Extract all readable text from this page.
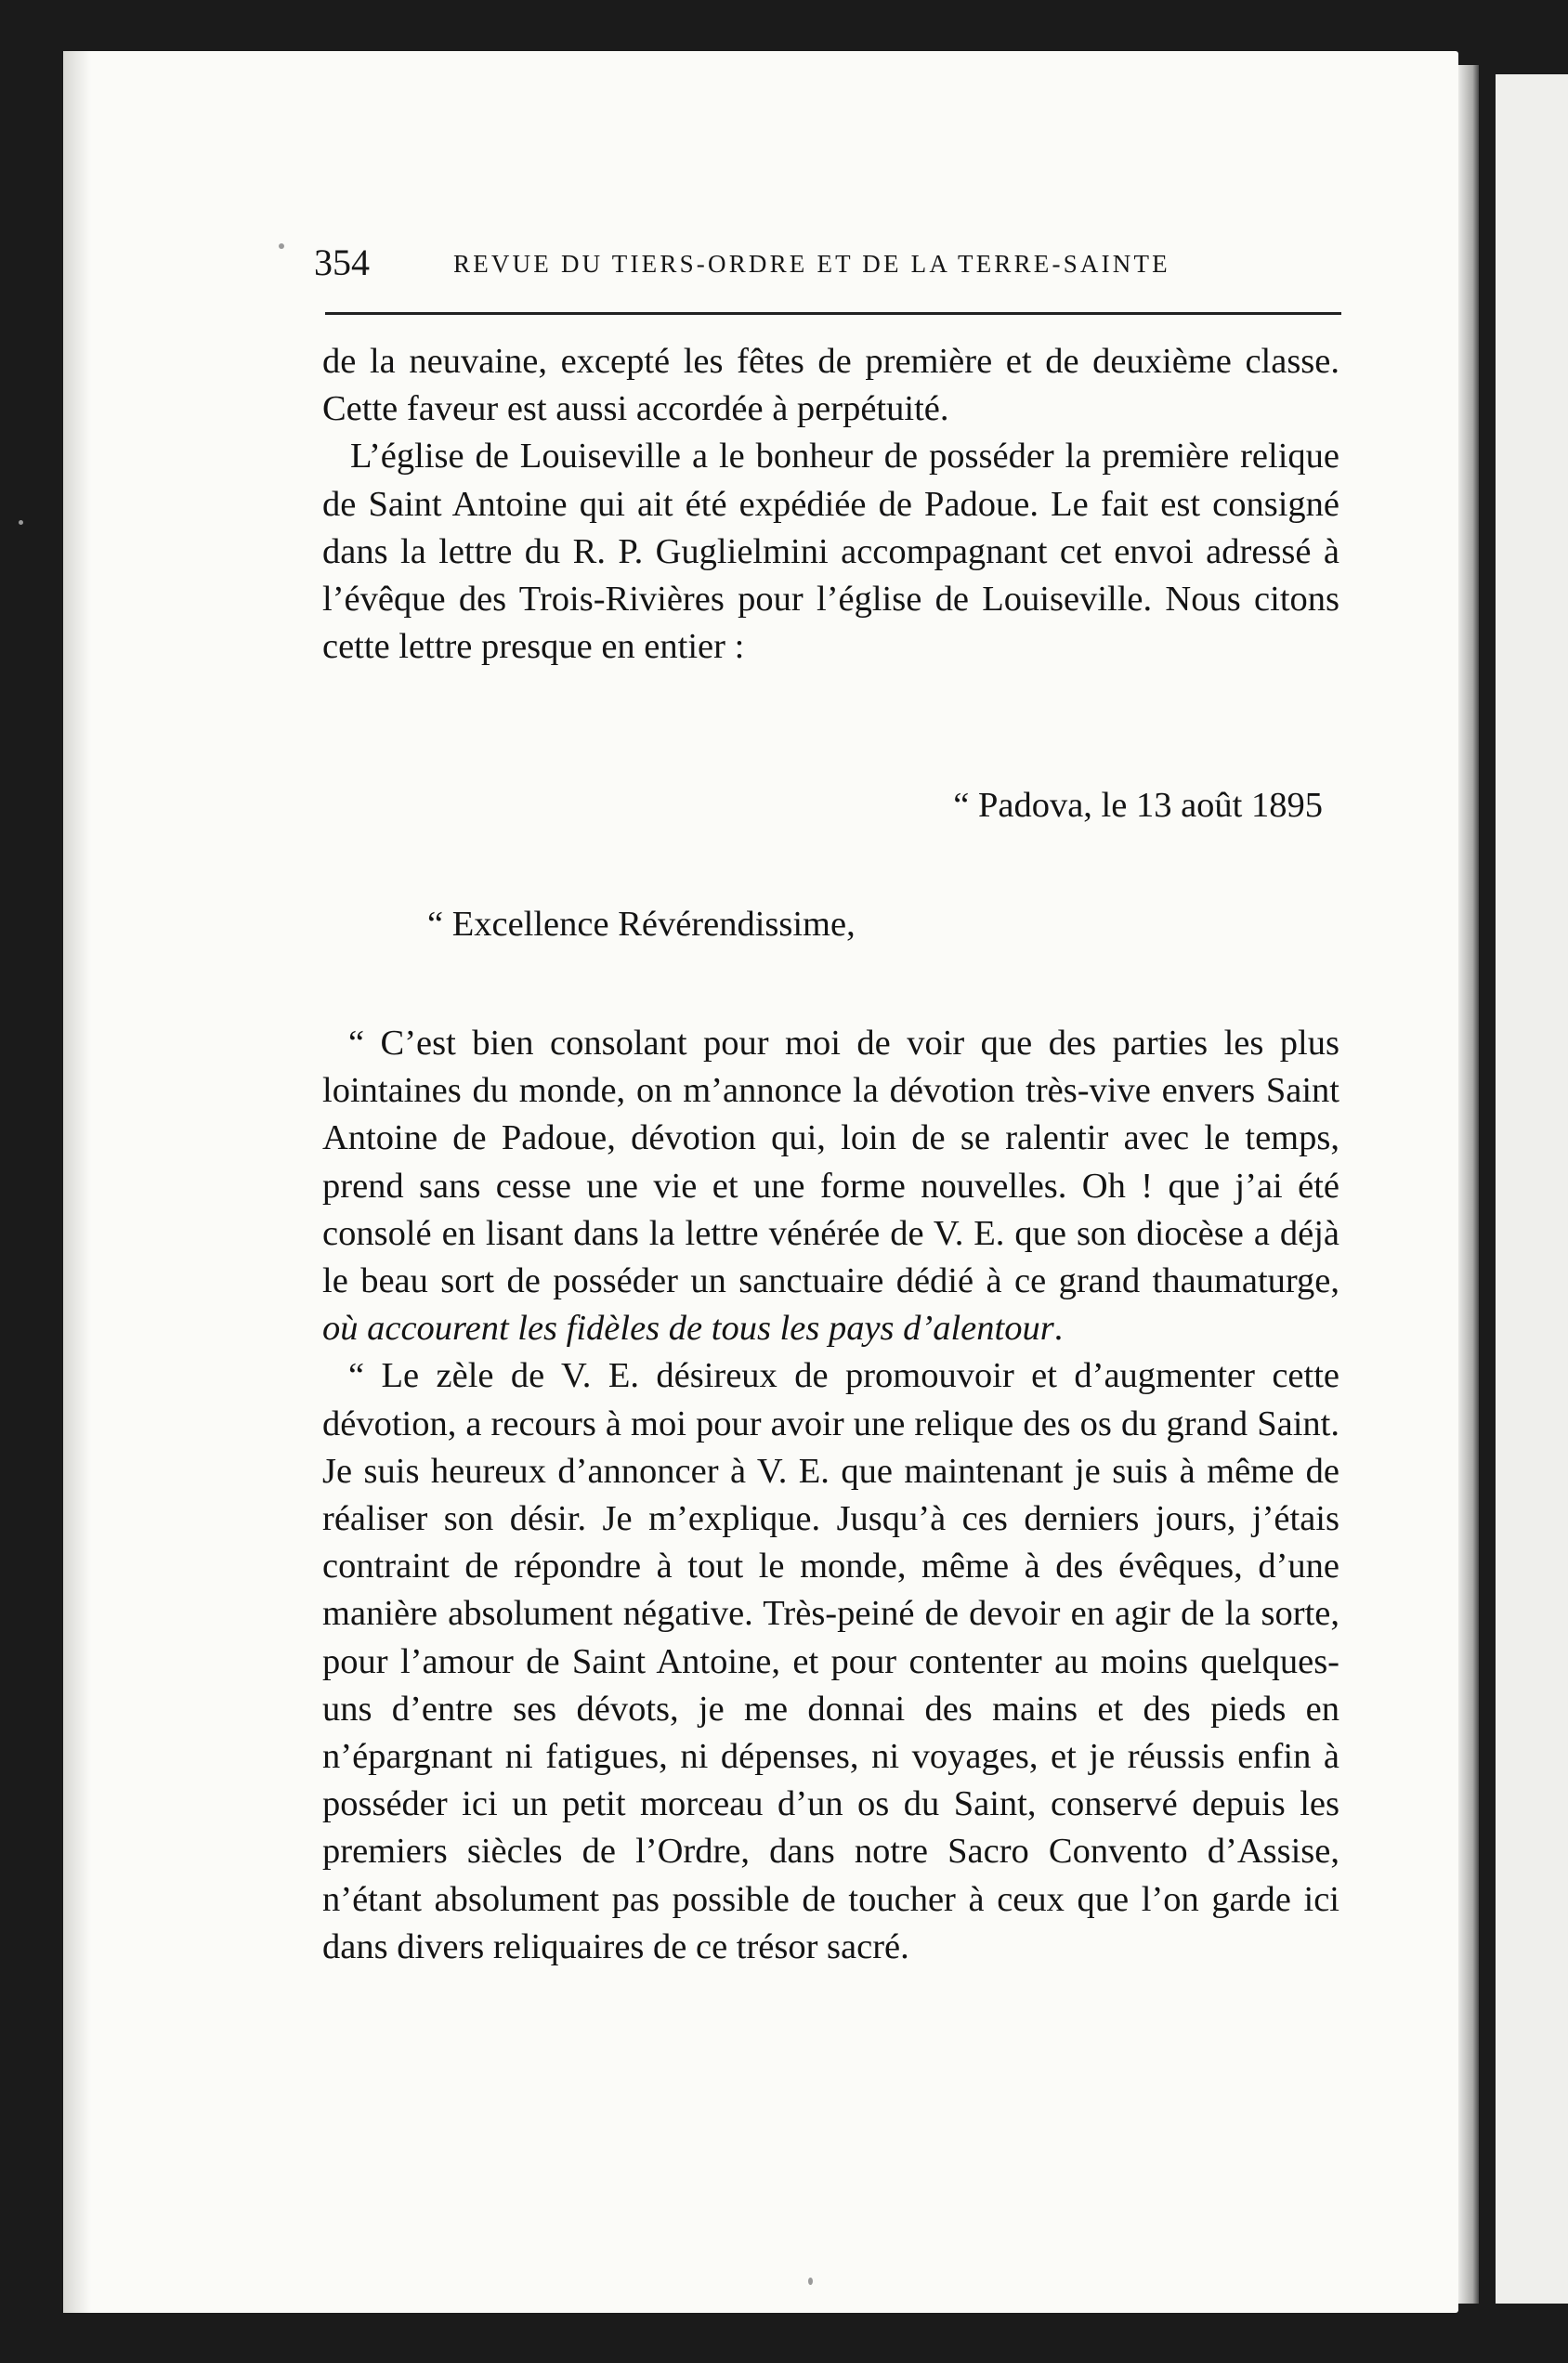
354	REVUE DU TIERS-ORDRE ET DE LA TERRE-SAINTE

de la neuvaine, excepté les fêtes de première et de deuxième classe. Cette faveur est aussi accordée à perpétuité.

L’église de Louiseville a le bonheur de posséder la première relique de Saint Antoine qui ait été expédiée de Padoue. Le fait est consigné dans la lettre du R. P. Guglielmini accompagnant cet envoi adressé à l’évêque des Trois-Rivières pour l’église de Louiseville. Nous citons cette lettre presque en entier :

“ Padova, le 13 août 1895
“ Excellence Révérendissime,

“ C’est bien consolant pour moi de voir que des parties les plus lointaines du monde, on m’annonce la dévotion très-vive envers Saint Antoine de Padoue, dévotion qui, loin de se ralentir avec le temps, prend sans cesse une vie et une forme nouvelles. Oh ! que j’ai été consolé en lisant dans la lettre vénérée de V. E. que son diocèse a déjà le beau sort de posséder un sanctuaire dédié à ce grand thaumaturge, où accourent les fidèles de tous les pays d’alentour.

“ Le zèle de V. E. désireux de promouvoir et d’augmenter cette dévotion, a recours à moi pour avoir une relique des os du grand Saint. Je suis heureux d’annoncer à V. E. que maintenant je suis à même de réaliser son désir. Je m’explique. Jusqu’à ces derniers jours, j’étais contraint de répondre à tout le monde, même à des évêques, d’une manière absolument négative. Très-peiné de devoir en agir de la sorte, pour l’amour de Saint Antoine, et pour contenter au moins quelques-uns d’entre ses dévots, je me donnai des mains et des pieds en n’épargnant ni fatigues, ni dépenses, ni voyages, et je réussis enfin à posséder ici un petit morceau d’un os du Saint, conservé depuis les premiers siècles de l’Ordre, dans notre Sacro Convento d’Assise, n’étant absolument pas possible de toucher à ceux que l’on garde ici dans divers reliquaires de ce trésor sacré.
